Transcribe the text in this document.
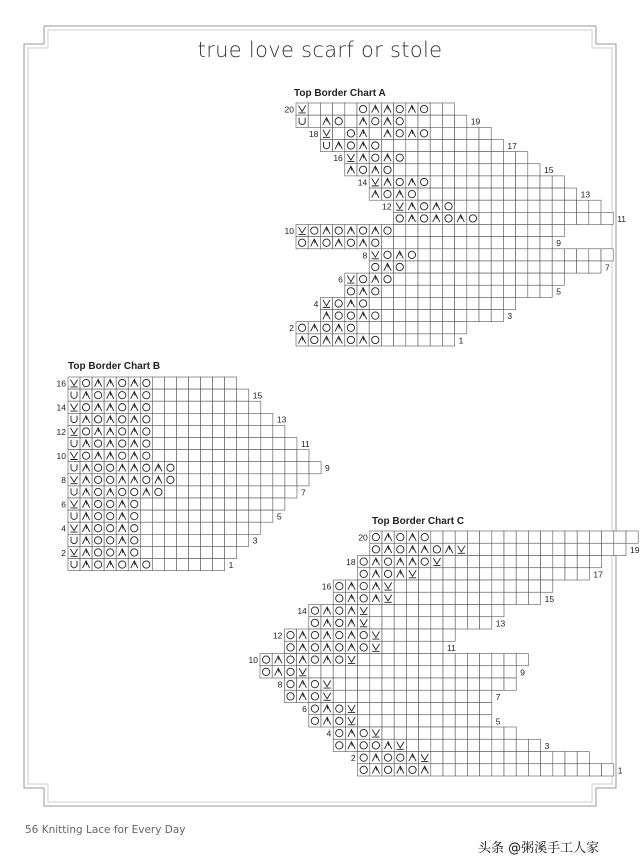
true love scarf or stole
Top Border Chart A
Top Border Chart B
Top Border Chart C
20
19
18
17
16
15
14
13
12
11
10
9
8
7
6
5
4
3
2
1
16
15
14
13
12
11
10
9
8
7
6
5
4
3
2
1
20
19
18
17
16
15
14
13
12
11
10
9
8
7
6
5
4
3
2
1
56 Knitting Lace for Every Day
头条 @粥溪手工人家
